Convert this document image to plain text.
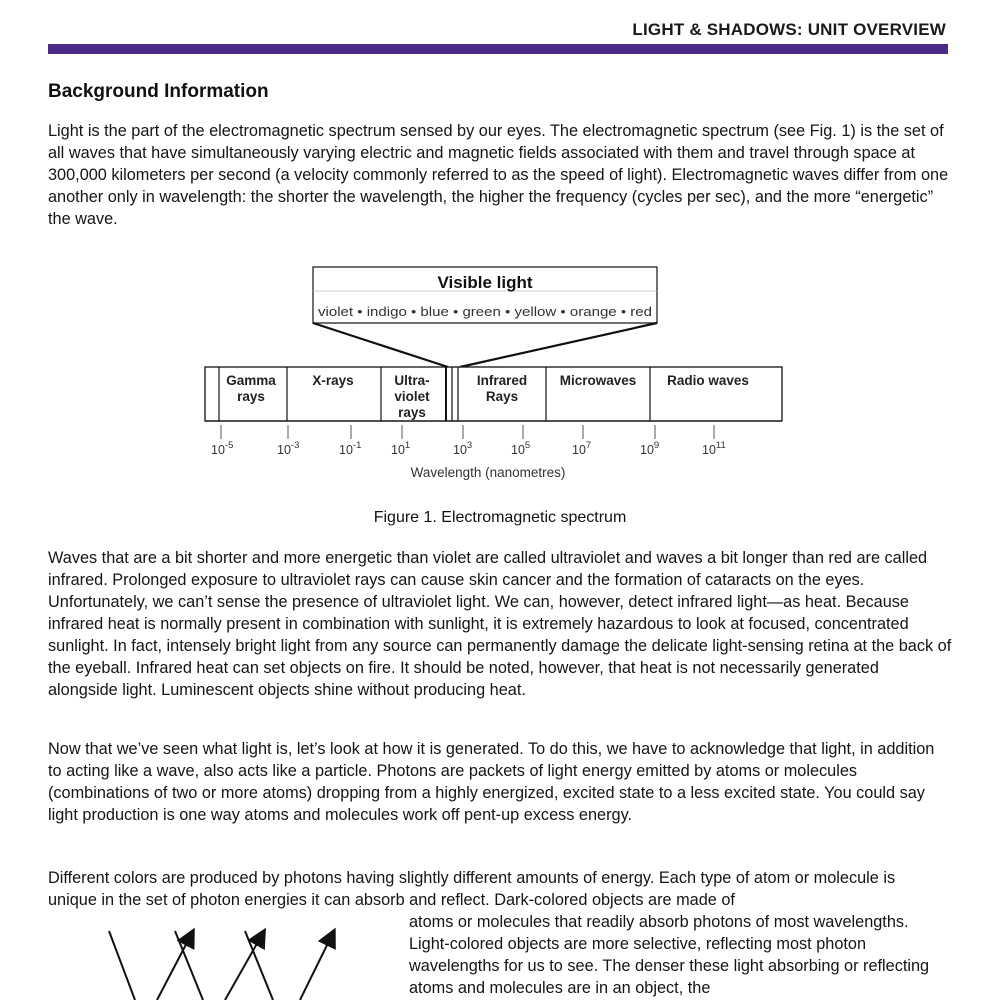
LIGHT & SHADOWS: UNIT OVERVIEW
Background Information

Light is the part of the electromagnetic spectrum sensed by our eyes. The electromagnetic spectrum (see Fig. 1) is the set of all waves that have simultaneously varying electric and magnetic fields associated with them and travel through space at 300,000 kilometers per second (a velocity commonly referred to as the speed of light). Electromagnetic waves differ from one another only in wavelength: the shorter the wavelength, the higher the frequency (cycles per sec), and the more “energetic” the wave.

Visible light
violet • indigo • blue • green • yellow • orange • red
Gamma
rays
X-rays	Ultra-
violet
rays
Infrared
Rays
Microwaves Radio waves
$10^{-5}$	$10^{-3}$	$10^{-1}$ $10^1$	$10^3$	$10^5$	$10^7$	$10^9$	$10^{11}$
Wavelength (nanometres)

Figure 1. Electromagnetic spectrum

Waves that are a bit shorter and more energetic than violet are called ultraviolet and waves a bit longer than red are called infrared. Prolonged exposure to ultraviolet rays can cause skin cancer and the formation of cataracts on the eyes. Unfortunately, we can’t sense the presence of ultraviolet light. We can, however, detect infrared light—as heat. Because infrared heat is normally present in combination with sunlight, it is extremely hazardous to look at focused, concentrated sunlight. In fact, intensely bright light from any source can permanently damage the delicate light-sensing retina at the back of the eyeball. Infrared heat can set objects on fire. It should be noted, however, that heat is not necessarily generated alongside light. Luminescent objects shine without producing heat.

Now that we’ve seen what light is, let’s look at how it is generated. To do this, we have to acknowledge that light, in addition to acting like a wave, also acts like a particle. Photons are packets of light energy emitted by atoms or molecules (combinations of two or more atoms) dropping from a highly energized, excited state to a less excited state. You could say light production is one way atoms and molecules work off pent-up excess energy.

Different colors are produced by photons having slightly different amounts of energy. Each type of atom or molecule is unique in the set of photon energies it can absorb and reflect. Dark-colored objects are made of

atoms or molecules that readily absorb photons of most wavelengths. Light-colored objects are more selective, reflecting most photon wavelengths for us to see. The denser these light absorbing or reflecting atoms and molecules are in an object, the
